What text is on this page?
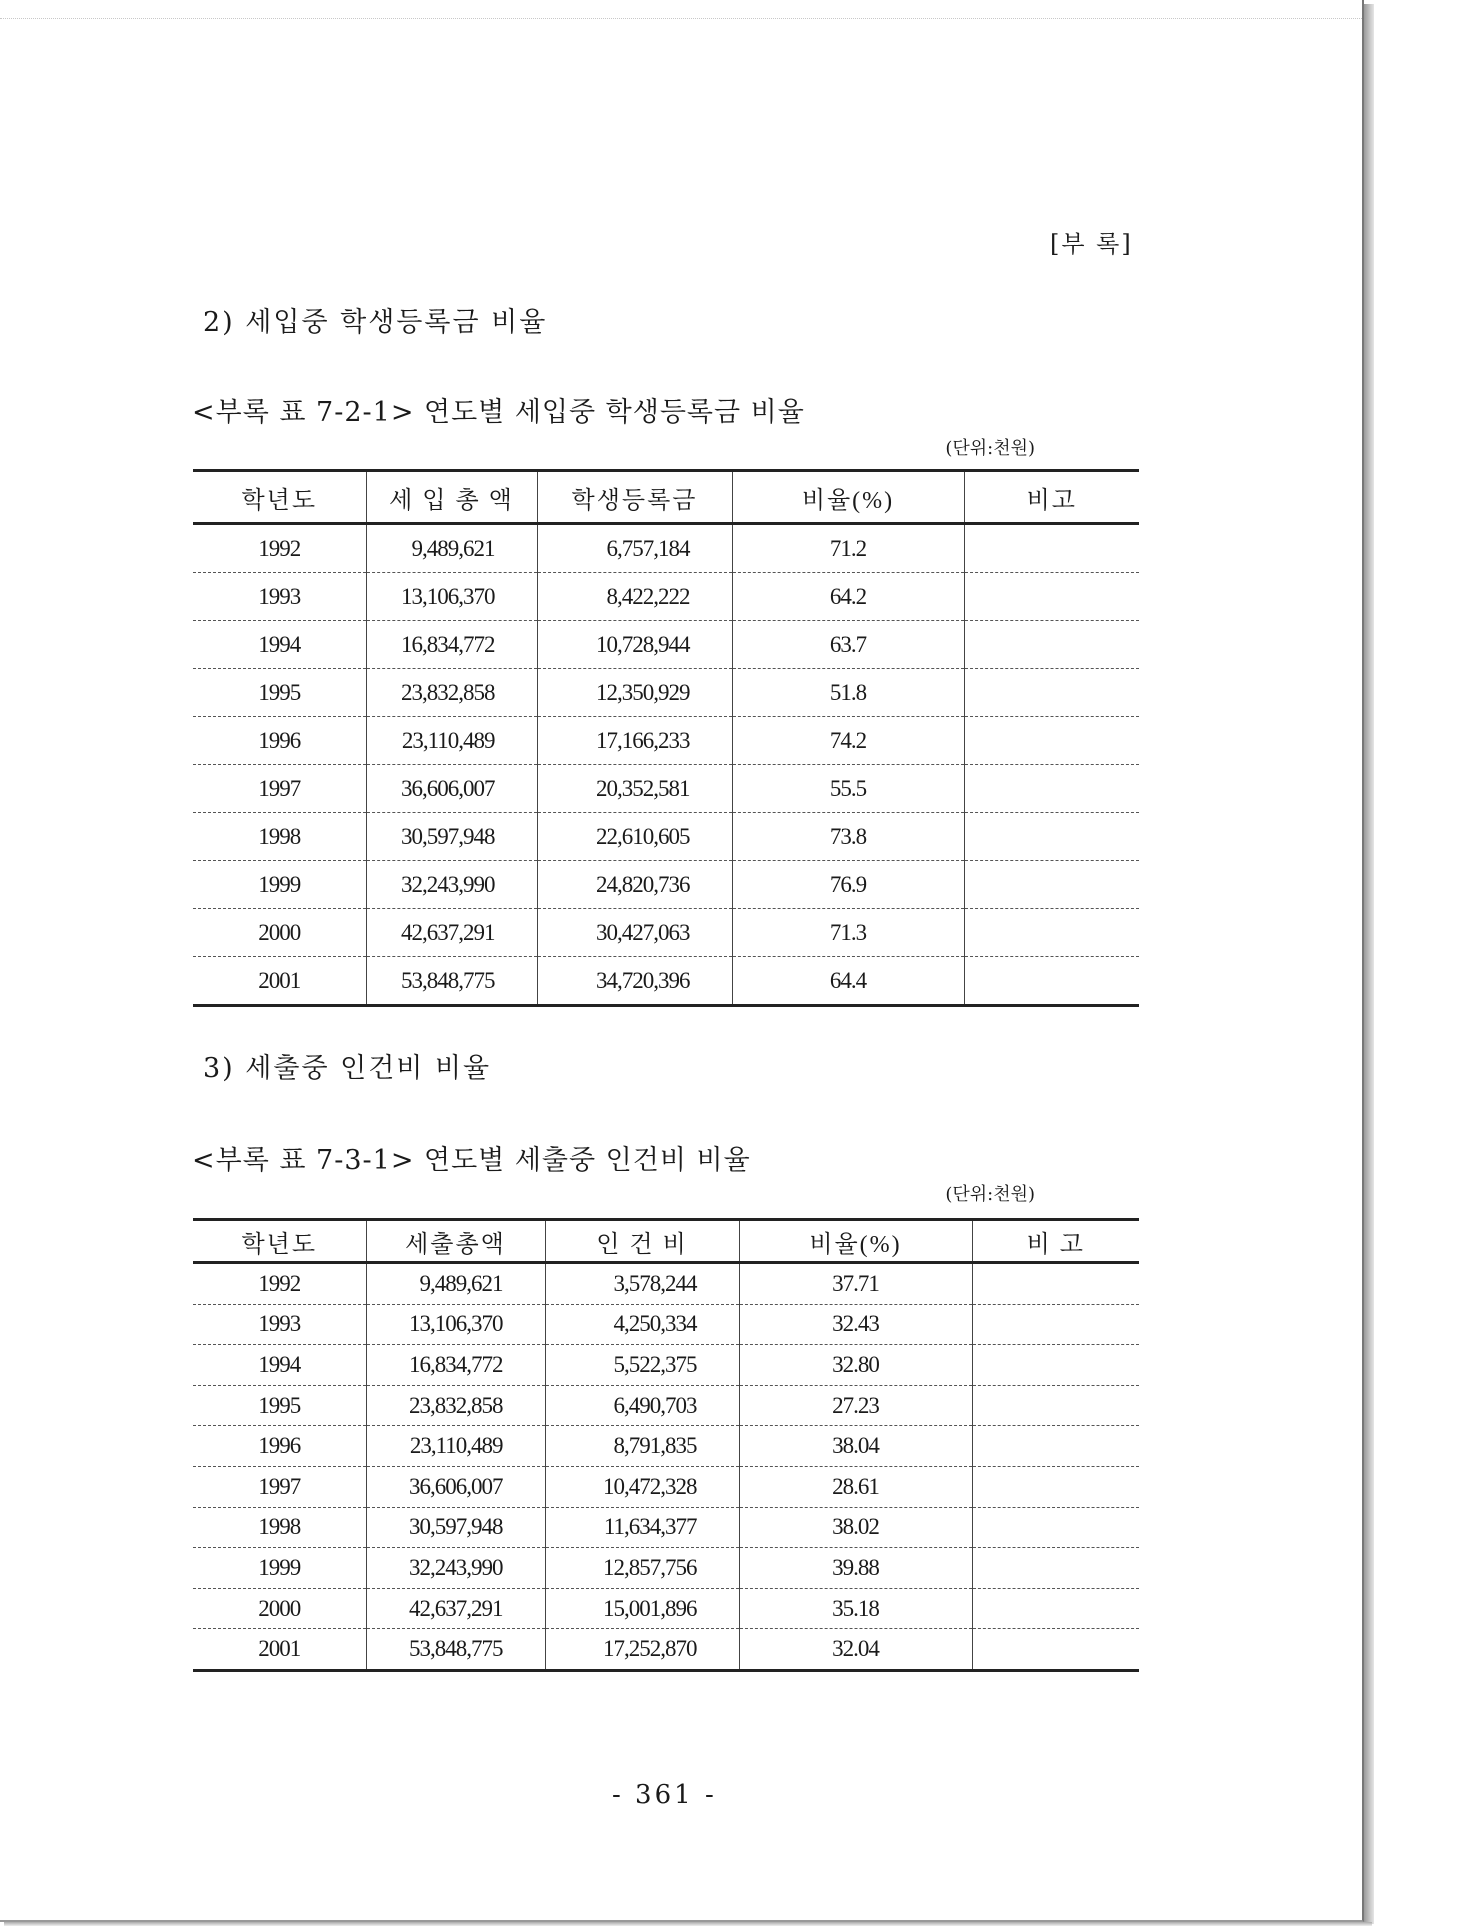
[부 록]
2) 세입중 학생등록금 비율
<부록 표 7-2-1> 연도별 세입중 학생등록금 비율
(단위:천원)
학년도	세 입 총 액	학생등록금	비율(%)	비고
1992	9,489,621	6,757,184	71.2	
1993	13,106,370	8,422,222	64.2	
1994	16,834,772	10,728,944	63.7	
1995	23,832,858	12,350,929	51.8	
1996	23,110,489	17,166,233	74.2	
1997	36,606,007	20,352,581	55.5	
1998	30,597,948	22,610,605	73.8	
1999	32,243,990	24,820,736	76.9	
2000	42,637,291	30,427,063	71.3	
2001	53,848,775	34,720,396	64.4	
3) 세출중 인건비 비율
<부록 표 7-3-1> 연도별 세출중 인건비 비율
(단위:천원)
학년도	세출총액	인 건 비	비율(%)	비 고
1992	9,489,621	3,578,244	37.71	
1993	13,106,370	4,250,334	32.43	
1994	16,834,772	5,522,375	32.80	
1995	23,832,858	6,490,703	27.23	
1996	23,110,489	8,791,835	38.04	
1997	36,606,007	10,472,328	28.61	
1998	30,597,948	11,634,377	38.02	
1999	32,243,990	12,857,756	39.88	
2000	42,637,291	15,001,896	35.18	
2001	53,848,775	17,252,870	32.04	
- 361 -
